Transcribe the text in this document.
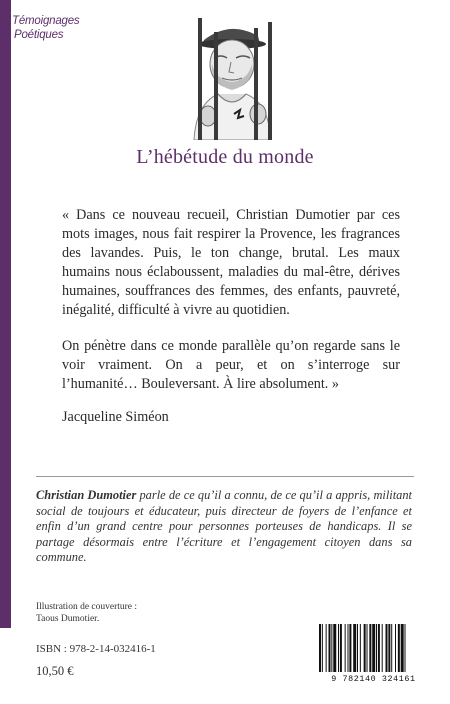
Témoignages
Poétiques
L’hébétude du monde

« Dans ce nouveau recueil, Christian Dumotier par ces mots images, nous fait respirer la Provence, les fragrances des lavandes. Puis, le ton change, brutal. Les maux humains nous éclaboussent, maladies du mal-être, dérives humaines, souffrances des femmes, des enfants, pauvreté, inégalité, difficulté à vivre au quotidien.

On pénètre dans ce monde parallèle qu’on regarde sans le voir vraiment. On a peur, et on s’interroge sur l’humanité… Bouleversant. À lire absolument. »

Jacqueline Siméon
Christian Dumotier parle de ce qu’il a connu, de ce qu’il a appris, militant social de toujours et éducateur, puis directeur de foyers de l’enfance et enfin d’un grand centre pour personnes porteuses de handicaps. Il se partage désormais entre l’écriture et l’engagement citoyen dans sa commune.
Illustration de couverture :
Taous Dumotier.
ISBN : 978-2-14-032416-1
10,50 €
9 782140 324161
